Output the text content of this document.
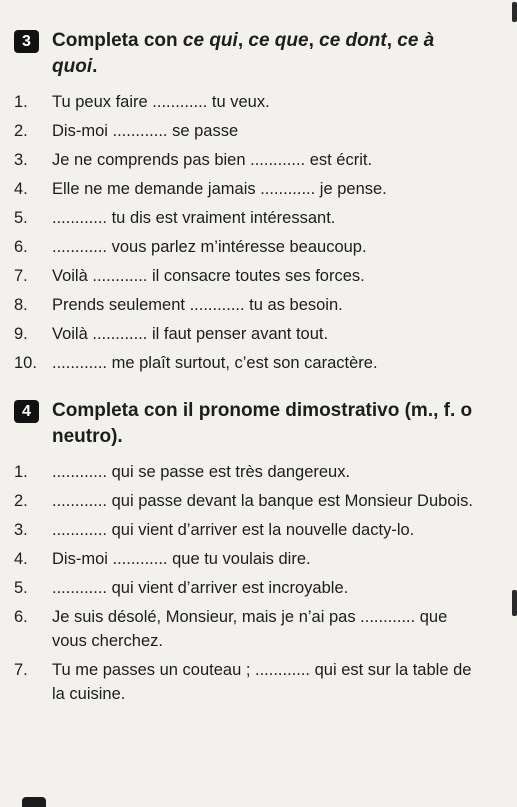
3	Completa con ce qui, ce que, ce dont, ce à quoi.
1.	Tu peux faire ............ tu veux.
2.	Dis-moi ............ se passe
3.	Je ne comprends pas bien ............ est écrit.
4.	Elle ne me demande jamais ............ je pense.
5.	............ tu dis est vraiment intéressant.
6.	............ vous parlez m’intéresse beaucoup.
7.	Voilà ............ il consacre toutes ses forces.
8.	Prends seulement ............ tu as besoin.
9.	Voilà ............ il faut penser avant tout.
10. ............ me plaît surtout, c’est son caractère.
4	Completa con il pronome dimostrativo (m., f. o neutro).
1.	............ qui se passe est très dangereux.
2.	............ qui passe devant la banque est Monsieur Dubois.
3.	............ qui vient d’arriver est la nouvelle dacty-lo.
4.	Dis-moi ............ que tu voulais dire.
5.	............ qui vient d’arriver est incroyable.
6.	Je suis désolé, Monsieur, mais je n’ai pas ............ que vous cherchez.
7.	Tu me passes un couteau ; ............ qui est sur la table de la cuisine.
